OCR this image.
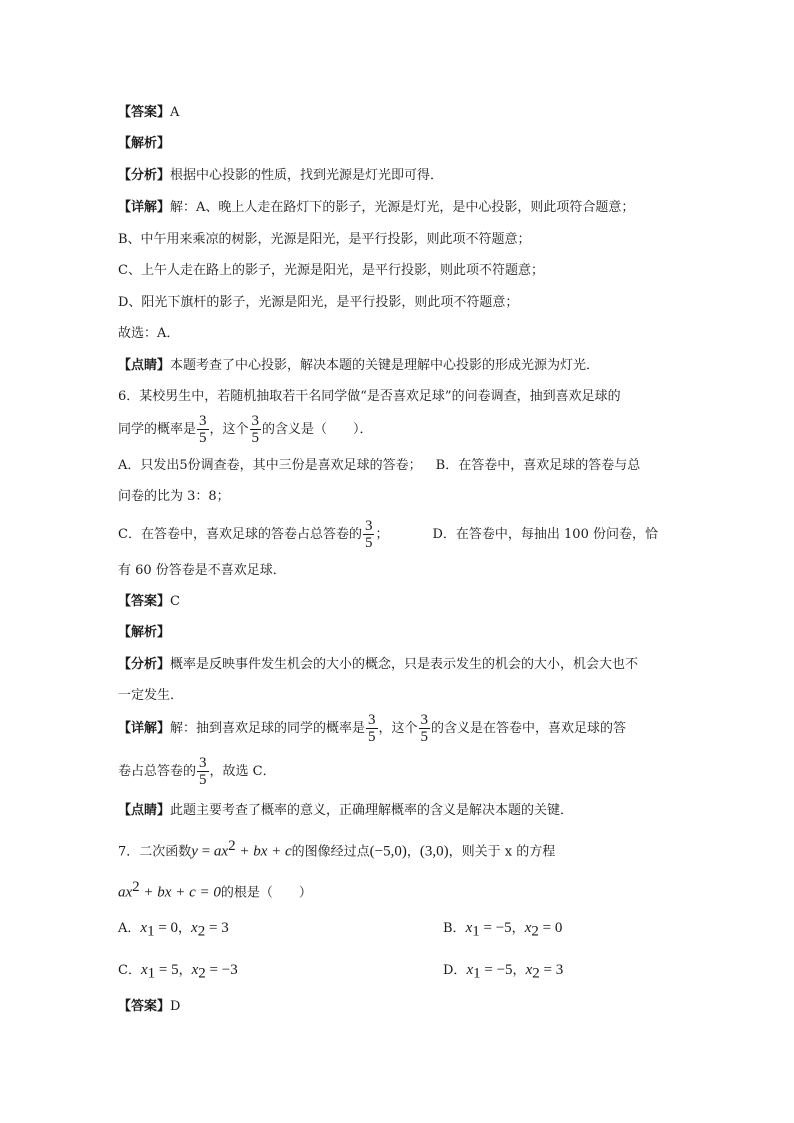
【答案】A
【解析】
【分析】根据中心投影的性质，找到光源是灯光即可得．
【详解】解：A、晚上人走在路灯下的影子，光源是灯光，是中心投影，则此项符合题意；
B、中午用来乘凉的树影，光源是阳光，是平行投影，则此项不符题意；
C、上午人走在路上的影子，光源是阳光，是平行投影，则此项不符题意；
D、阳光下旗杆的影子，光源是阳光，是平行投影，则此项不符题意；
故选：A．
【点睛】本题考查了中心投影，解决本题的关键是理解中心投影的形成光源为灯光．
6．某校男生中，若随机抽取若干名同学做“是否喜欢足球”的问卷调查，抽到喜欢足球的
同学的概率是 $\frac{3}{5}$ ，这个 $\frac{3}{5}$ 的含义是（　　）．
A．只发出5份调查卷，其中三份是喜欢足球的答卷； B．在答卷中，喜欢足球的答卷与总
问卷的比为 3：8；
C．在答卷中，喜欢足球的答卷占总答卷的 $\frac{3}{5}$ ；	D．在答卷中，每抽出 100 份问卷，恰
有 60 份答卷是不喜欢足球．
【答案】C
【解析】
【分析】概率是反映事件发生机会的大小的概念，只是表示发生的机会的大小，机会大也不
一定发生．
【详解】解：抽到喜欢足球的同学的概率是 $\frac{3}{5}$ ，这个 $\frac{3}{5}$ 的含义是在答卷中，喜欢足球的答
卷占总答卷的 $\frac{3}{5}$ ，故选 C．
【点睛】此题主要考查了概率的意义，正确理解概率的含义是解决本题的关键．
7．二次函数$y = ax^2$ + bx + c的图像经过点(−5,0)，(3,0)，则关于 x 的方程
$ax^2$ + bx + c = 0的根是（　　）
A．$x_1 = 0$，$x_2 = 3$	B．$x_1 = -5$，$x_2 = 0$
C．$x_1 = 5$，$x_2 = -3$	D．$x_1 = -5$，$x_2 = 3$
【答案】D
